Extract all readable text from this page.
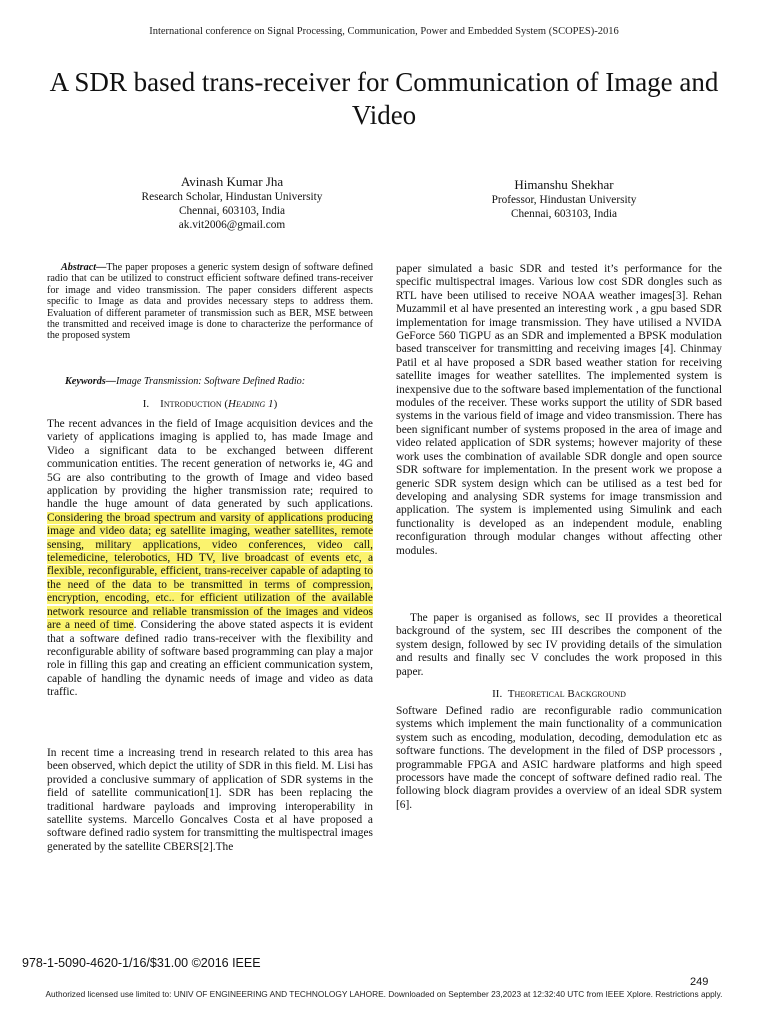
International conference on Signal Processing, Communication, Power and Embedded System (SCOPES)-2016
A SDR based trans-receiver for Communication of Image and Video
Avinash Kumar Jha
Research Scholar, Hindustan University
Chennai, 603103, India
ak.vit2006@gmail.com
Himanshu Shekhar
Professor, Hindustan University
Chennai, 603103, India
Abstract—The paper proposes a generic system design of software defined radio that can be utilized to construct efficient software defined trans-receiver for image and video transmission. The paper considers different aspects specific to Image as data and provides necessary steps to address them. Evaluation of different parameter of transmission such as BER, MSE between the transmitted and received image is done to characterize the performance of the proposed system
Keywords—Image Transmission: Software Defined Radio:
I. Introduction (Heading 1)
The recent advances in the field of Image acquisition devices and the variety of applications imaging is applied to, has made Image and Video a significant data to be exchanged between different communication entities. The recent generation of networks ie, 4G and 5G are also contributing to the growth of Image and video based application by providing the higher transmission rate; required to handle the huge amount of data generated by such applications. Considering the broad spectrum and varsity of applications producing image and video data; eg satellite imaging, weather satellites, remote sensing, military applications, video conferences, video call, telemedicine, telerobotics, HD TV, live broadcast of events etc, a flexible, reconfigurable, efficient, trans-receiver capable of adapting to the need of the data to be transmitted in terms of compression, encryption, encoding, etc.. for efficient utilization of the available network resource and reliable transmission of the images and videos are a need of time. Considering the above stated aspects it is evident that a software defined radio trans-receiver with the flexibility and reconfigurable ability of software based programming can play a major role in filling this gap and creating an efficient communication system, capable of handling the dynamic needs of image and video as data traffic.
In recent time a increasing trend in research related to this area has been observed, which depict the utility of SDR in this field. M. Lisi has provided a conclusive summary of application of SDR systems in the field of satellite communication[1]. SDR has been replacing the traditional hardware payloads and improving interoperability in satellite systems. Marcello Goncalves Costa et al have proposed a software defined radio system for transmitting the multispectral images generated by the satellite CBERS[2].The
paper simulated a basic SDR and tested it’s performance for the specific multispectral images. Various low cost SDR dongles such as RTL have been utilised to receive NOAA weather images[3]. Rehan Muzammil et al have presented an interesting work , a gpu based SDR implementation for image transmission. They have utilised a NVIDA GeForce 560 TiGPU as an SDR and implemented a BPSK modulation based transceiver for transmitting and receiving images [4]. Chinmay Patil et al have proposed a SDR based weather station for receiving satellite images for weather satellites. The implemented system is inexpensive due to the software based implementation of the functional modules of the receiver. These works support the utility of SDR based systems in the various field of image and video transmission. There has been significant number of systems proposed in the area of image and video related application of SDR systems; however majority of these work uses the combination of available SDR dongle and open source SDR software for implementation. In the present work we propose a generic SDR system design which can be utilised as a test bed for developing and analysing SDR systems for image transmission and application. The system is implemented using Simulink and each functionality is developed as an independent module, enabling reconfiguration through modular changes without affecting other modules.
The paper is organised as follows, sec II provides a theoretical background of the system, sec III describes the component of the system design, followed by sec IV providing details of the simulation and results and finally sec V concludes the work proposed in this paper.
II. Theoretical Background
Software Defined radio are reconfigurable radio communication systems which implement the main functionality of a communication system such as encoding, modulation, decoding, demodulation etc as software functions. The development in the filed of DSP processors , programmable FPGA and ASIC hardware platforms and high speed processors have made the concept of software defined radio real. The following block diagram provides a overview of an ideal SDR system [6].
978-1-5090-4620-1/16/$31.00 ©2016 IEEE
249
Authorized licensed use limited to: UNIV OF ENGINEERING AND TECHNOLOGY LAHORE. Downloaded on September 23,2023 at 12:32:40 UTC from IEEE Xplore. Restrictions apply.
